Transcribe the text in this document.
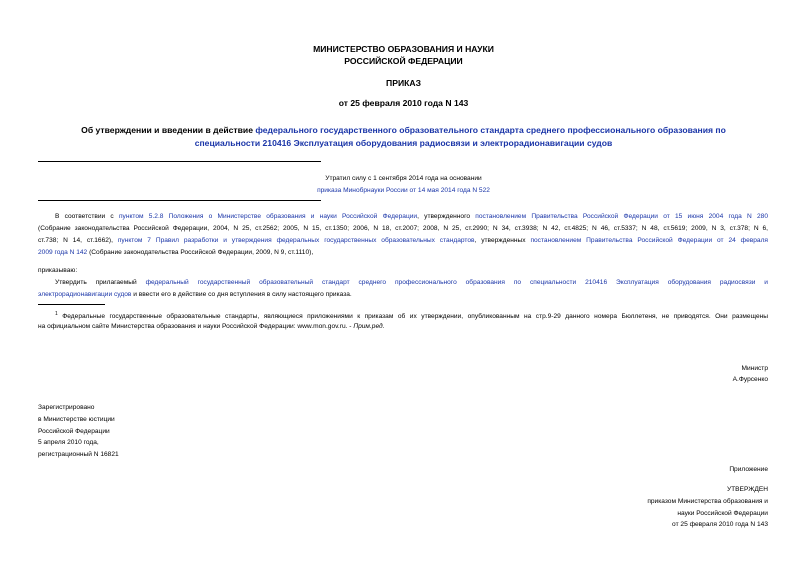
МИНИСТЕРСТВО ОБРАЗОВАНИЯ И НАУКИ
РОССИЙСКОЙ ФЕДЕРАЦИИ
ПРИКАЗ
от 25 февраля 2010 года N 143
Об утверждении и введении в действие федерального государственного образовательного стандарта среднего профессионального образования по
специальности 210416 Эксплуатация оборудования радиосвязи и электрорадионавигации судов
Утратил силу с 1 сентября 2014 года на основании
приказа Минобрнауки России от 14 мая 2014 года N 522
В соответствии с пунктом 5.2.8 Положения о Министерстве образования и науки Российской Федерации, утвержденного постановлением Правительства Российской Федерации от 15 июня 2004 года N 280
(Собрание законодательства Российской Федерации, 2004, N 25, ст.2562; 2005, N 15, ст.1350; 2006, N 18, ст.2007; 2008, N 25, ст.2990; N 34, ст.3938; N 42, ст.4825; N 46, ст.5337; N 48, ст.5619; 2009, N 3, ст.378; N 6,
ст.738; N 14, ст.1662), пунктом 7 Правил разработки и утверждения федеральных государственных образовательных стандартов, утвержденных постановлением Правительства Российской Федерации от 24 февраля
2009 года N 142 (Собрание законодательства Российской Федерации, 2009, N 9, ст.1110),
приказываю:
Утвердить прилагаемый федеральный государственный образовательный стандарт среднего профессионального образования по специальности 210416 Эксплуатация оборудования радиосвязи и
электрорадионавигации судов и ввести его в действие со дня вступления в силу настоящего приказа.
$^1$ Федеральные государственные образовательные стандарты, являющиеся приложениями к приказам об их утверждении, опубликованным на стр.9-29 данного номера Бюллетеня, не приводятся. Они размещены
на официальном сайте Министерства образования и науки Российской Федерации: www.mon.gov.ru. - Прим.ред.
Министр
А.Фурсенко
Зарегистрировано
в Министерстве юстиции
Российской Федерации
5 апреля 2010 года,
регистрационный N 16821
Приложение
УТВЕРЖДЕН
приказом Министерства образования и
науки Российской Федерации
от 25 февраля 2010 года N 143
